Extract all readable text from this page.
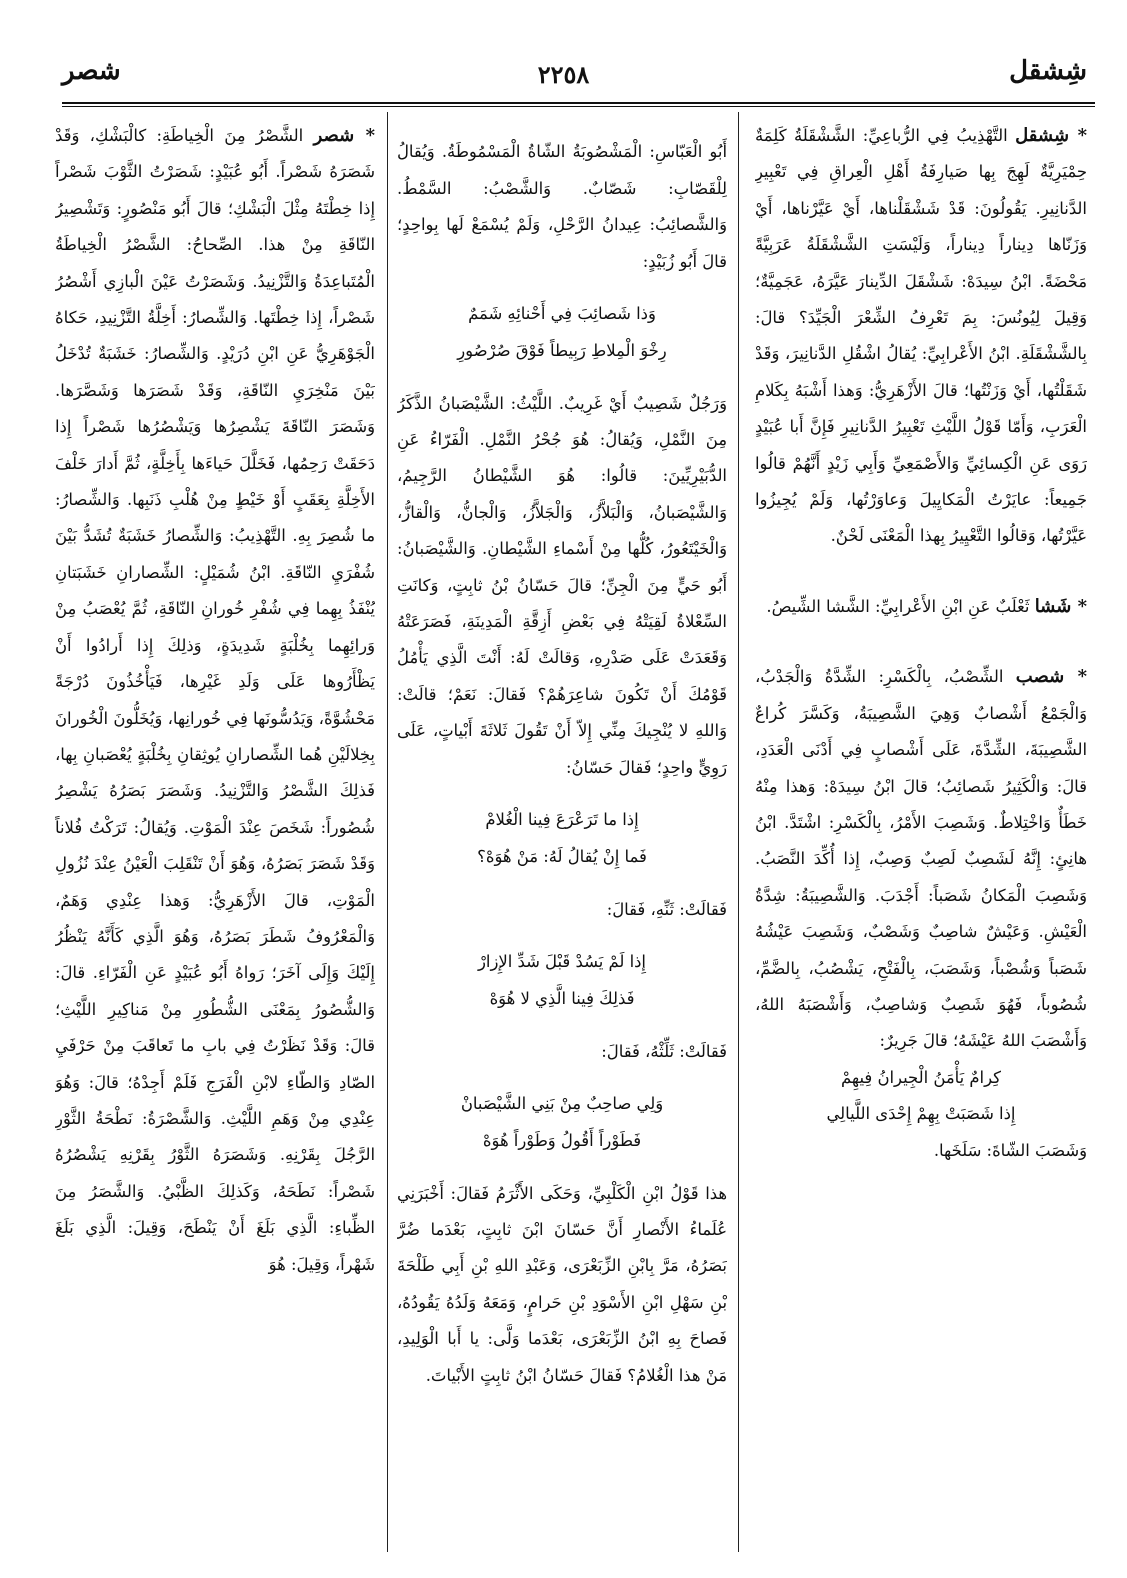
شِشقل
٢٢٥٨
شصر

* شِشقل التَّهْذِيبُ فِي الرُّباعِيِّ: الشَّشْقَلَةُ كَلِمَةٌ حِمْيَرِيَّةٌ لَهِجَ بِها صَيارِفَةُ أَهْلِ الْعِراقِ فِي تَعْبِيرِ الدَّنانِيرِ. يَقُولُونَ: قَدْ شَشْقَلْناها، أَيْ عَيَّرْناها، أَيْ وَزَنّاها دِيناراً دِيناراً، وَلَيْسَتِ الشَّشْقَلَةُ عَرَبِيَّةً مَحْضَةً. ابْنُ سِيدَهْ: شَشْقَلَ الدِّينارَ عَيَّرَهُ، عَجَمِيَّةٌ؛ وَقِيلَ لِيُونُسَ: بِمَ تَعْرِفُ الشِّعْرَ الْجَيِّدَ؟ قالَ: بِالشَّشْقَلَةِ. ابْنُ الأَعْرابِيِّ: يُقالُ اشْقُلِ الدَّنانِيرَ، وَقَدْ شَقَلْتُها، أَيْ وَزَنْتُها؛ قالَ الأَزْهَرِيُّ: وَهذا أَشْبَهُ بِكَلامِ الْعَرَبِ، وَأَمّا قَوْلُ اللَّيْثِ تَعْبِيرُ الدَّنانِيرِ فَإِنَّ أَبا عُبَيْدٍ رَوَى عَنِ الْكِسائِيِّ وَالأَصْمَعِيِّ وَأَبِي زَيْدٍ أَنَّهُمْ قالُوا جَمِيعاً: عايَرْتُ الْمَكايِيلَ وَعاوَرْتُها، وَلَمْ يُجِيزُوا عَيَّرْتُها، وَقالُوا التَّعْيِيرُ بِهذا الْمَعْنَى لَحْنٌ.

* شَشا ثَعْلَبٌ عَنِ ابْنِ الأَعْرابِيِّ: الشَّشا الشِّيصُ.

* شصب الشِّصْبُ، بِالْكَسْرِ: الشِّدَّةُ وَالْجَدْبُ، وَالْجَمْعُ أَشْصابٌ وَهِيَ الشَّصِيبَةُ، وَكَسَّرَ كُراعٌ الشَّصِيبَةَ، الشِّدَّةَ، عَلَى أَشْصابٍ فِي أَدْنَى الْعَدَدِ، قالَ: وَالْكَثِيرُ شَصائِبُ؛ قالَ ابْنُ سِيدَهْ: وَهذا مِنْهُ خَطَأٌ وَاخْتِلاطٌ. وَشَصِبَ الأَمْرُ، بِالْكَسْرِ: اشْتَدَّ. ابْنُ هانِئٍ: إِنَّهُ لَشَصِبٌ لَصِبٌ وَصِبٌ، إِذا أُكِّدَ النَّصَبُ. وَشَصِبَ الْمَكانُ شَصَباً: أَجْدَبَ. وَالشَّصِيبَةُ: شِدَّةُ الْعَيْشِ. وَعَيْشٌ شاصِبٌ وَشَصْبٌ، وَشَصِبَ عَيْشُهُ شَصَباً وَشُصْباً، وَشَصَبَ، بِالْفَتْحِ، يَشْصُبُ، بِالضَّمِّ، شُصُوباً، فَهُوَ شَصِبٌ وَشاصِبٌ، وَأَشْصَبَهُ اللهُ، وَأَشْصَبَ اللهُ عَيْشَهُ؛ قالَ جَرِيرٌ:

كِرامٌ يَأْمَنُ الْجِيرانُ فِيهِمْ

إِذا شَصَبَتْ بِهِمْ إِحْدَى اللَّيالِي

وَشَصَبَ الشّاةَ: سَلَخَها.

أَبُو الْعَبّاسِ: الْمَشْصُوبَةُ الشّاةُ الْمَسْمُوطَةُ. وَيُقالُ لِلْقَصّابِ: شَصّابٌ. وَالشَّصْبُ: السَّمْطُ. وَالشَّصائِبُ: عِيدانُ الرَّحْلِ، وَلَمْ يُسْمَعْ لَها بِواحِدٍ؛ قالَ أَبُو زُبَيْدٍ:

وَذا شَصائِبَ فِي أَحْنائِهِ شَمَمٌ

رِخْوَ الْمِلاطِ رَبِيطاً فَوْقَ صُرْصُورِ

وَرَجُلٌ شَصِيبٌ أَيْ غَرِيبٌ. اللَّيْثُ: الشَّيْصَبانُ الذَّكَرُ مِنَ النَّمْلِ، وَيُقالُ: هُوَ جُحْرُ النَّمْلِ. الْفَرّاءُ عَنِ الدُّبَيْرِيِّينَ: قالُوا: هُوَ الشَّيْطانُ الرَّجِيمُ، وَالشَّيْصَبانُ، وَالْبَلاَّزُ، وَالْجَلاَّزُ، وَالْجانُّ، وَالْقازُّ، وَالْخَيْتَعُورُ، كُلُّها مِنْ أَسْماءِ الشَّيْطانِ. وَالشَّيْصَبانُ: أَبُو حَيٍّ مِنَ الْجِنِّ؛ قالَ حَسّانُ بْنُ ثابِتٍ، وَكانَتِ السِّعْلاةُ لَقِيَتْهُ فِي بَعْضِ أَزِقَّةِ الْمَدِينَةِ، فَصَرَعَتْهُ وَقَعَدَتْ عَلَى صَدْرِهِ، وَقالَتْ لَهُ: أَنْتَ الَّذِي يَأْمُلُ قَوْمُكَ أَنْ تَكُونَ شاعِرَهُمْ؟ فَقالَ: نَعَمْ؛ قالَتْ: وَاللهِ لا يُنْجِيكَ مِنِّي إِلاّ أَنْ تَقُولَ ثَلاثَةَ أَبْياتٍ، عَلَى رَوِيٍّ واحِدٍ؛ فَقالَ حَسّانُ:

إِذا ما تَرَعْرَعَ فِينا الْغُلامْ

فَما إِنْ يُقالُ لَهُ: مَنْ هُوَهْ؟

فَقالَتْ: ثَنِّهِ، فَقالَ:

إِذا لَمْ يَسُدْ قَبْلَ شَدِّ الإِزارْ

فَذلِكَ فِينا الَّذِي لا هُوَهْ

فَقالَتْ: ثَلِّثْهُ، فَقالَ:

وَلِي صاحِبٌ مِنْ بَنِي الشَّيْصَبانْ

فَطَوْراً أَقُولُ وَطَوْراً هُوَهْ

هذا قَوْلُ ابْنِ الْكَلْبِيِّ، وَحَكَى الأَثْرَمُ فَقالَ: أَخْبَرَنِي عُلَماءُ الأَنْصارِ أَنَّ حَسّانَ ابْنَ ثابِتٍ، بَعْدَما ضُرَّ بَصَرُهُ، مَرَّ بِابْنِ الزِّبَعْرَى، وَعَبْدِ اللهِ بْنِ أَبِي طَلْحَةَ بْنِ سَهْلِ ابْنِ الأَسْوَدِ بْنِ حَرامٍ، وَمَعَهُ وَلَدُهُ يَقُودُهُ، فَصاحَ بِهِ ابْنُ الزِّبَعْرَى، بَعْدَما وَلَّى: يا أَبا الْوَلِيدِ، مَنْ هذا الْغُلامُ؟ فَقالَ حَسّانُ ابْنُ ثابِتٍ الأَبْياتَ.

* شصر الشَّصْرُ مِنَ الْخِياطَةِ: كالْبَشْكِ، وَقَدْ شَصَرَهُ شَصْراً. أَبُو عُبَيْدٍ: شَصَرْتُ الثَّوْبَ شَصْراً إِذا خِطْتَهُ مِثْلَ الْبَشْكِ؛ قالَ أَبُو مَنْصُورٍ: وَتَشْصِيرُ النّاقَةِ مِنْ هذا. الصِّحاحُ: الشَّصْرُ الْخِياطَةُ الْمُتَباعِدَةُ وَالتَّزْنِيدُ. وَشَصَرْتُ عَيْنَ الْبازِي أَشْصُرُ شَصْراً، إِذا خِطْتَها. وَالشِّصارُ: أَخِلَّةُ التَّزْنِيدِ، حَكاهُ الْجَوْهَرِيُّ عَنِ ابْنِ دُرَيْدٍ. وَالشِّصارُ: خَشَبَةٌ تُدْخَلُ بَيْنَ مَنْخِرَيِ النّاقَةِ، وَقَدْ شَصَرَها وَشَصَّرَها. وَشَصَرَ النّاقَةَ يَشْصِرُها وَيَشْصُرُها شَصْراً إِذا دَحَقَتْ رَحِمُها، فَخَلَّلَ حَياءَها بِأَخِلَّةٍ، ثُمَّ أَدارَ خَلْفَ الأَخِلَّةِ بِعَقَبٍ أَوْ خَيْطٍ مِنْ هُلْبِ ذَنَبِها. وَالشِّصارُ: ما شُصِرَ بِهِ. التَّهْذِيبُ: وَالشِّصارُ خَشَبَةٌ تُشَدُّ بَيْنَ شُفْرَيِ النّاقَةِ. ابْنُ شُمَيْلٍ: الشِّصارانِ خَشَبَتانِ يُنْفَذُ بِهِما فِي شُفْرِ خُورانِ النّاقَةِ، ثُمَّ يُعْصَبُ مِنْ وَرائِهِما بِخُلْبَةٍ شَدِيدَةٍ، وَذلِكَ إِذا أَرادُوا أَنْ يَظْأَرُوها عَلَى وَلَدِ غَيْرِها، فَيَأْخُذُونَ دُرْجَةً مَحْشُوَّةً، وَيَدُسُّونَها فِي خُورانِها، وَيُخَلُّونَ الْخُورانَ بِخِلالَيْنِ هُما الشِّصارانِ يُوثِقانِ بِخُلْبَةٍ يُعْصَبانِ بِها، فَذلِكَ الشَّصْرُ وَالتَّزْنِيدُ. وَشَصَرَ بَصَرُهُ يَشْصِرُ شُصُوراً: شَخَصَ عِنْدَ الْمَوْتِ. وَيُقالُ: تَرَكْتُ فُلاناً وَقَدْ شَصَرَ بَصَرُهُ، وَهُوَ أَنْ تَنْقَلِبَ الْعَيْنُ عِنْدَ نُزُولِ الْمَوْتِ، قالَ الأَزْهَرِيُّ: وَهذا عِنْدِي وَهَمٌ، وَالْمَعْرُوفُ شَطَرَ بَصَرُهُ، وَهُوَ الَّذِي كَأَنَّهُ يَنْظُرُ إِلَيْكَ وَإِلَى آخَرَ؛ رَواهُ أَبُو عُبَيْدٍ عَنِ الْفَرّاءِ. قالَ: وَالشُّصُورُ بِمَعْنَى الشُّطُورِ مِنْ مَناكِيرِ اللَّيْثِ؛ قالَ: وَقَدْ نَظَرْتُ فِي بابِ ما تَعاقَبَ مِنْ حَرْفَيِ الصّادِ وَالطّاءِ لابْنِ الْفَرَجِ فَلَمْ أَجِدْهُ؛ قالَ: وَهُوَ عِنْدِي مِنْ وَهَمِ اللَّيْثِ. وَالشَّصْرَةُ: نَطْحَةُ الثَّوْرِ الرَّجُلَ بِقَرْنِهِ. وَشَصَرَهُ الثَّوْرُ بِقَرْنِهِ يَشْصُرُهُ شَصْراً: نَطَحَهُ، وَكَذلِكَ الظَّبْيُ. وَالشَّصَرُ مِنَ الظِّباءِ: الَّذِي بَلَغَ أَنْ يَنْطَحَ، وَقِيلَ: الَّذِي بَلَغَ شَهْراً، وَقِيلَ: هُوَ
